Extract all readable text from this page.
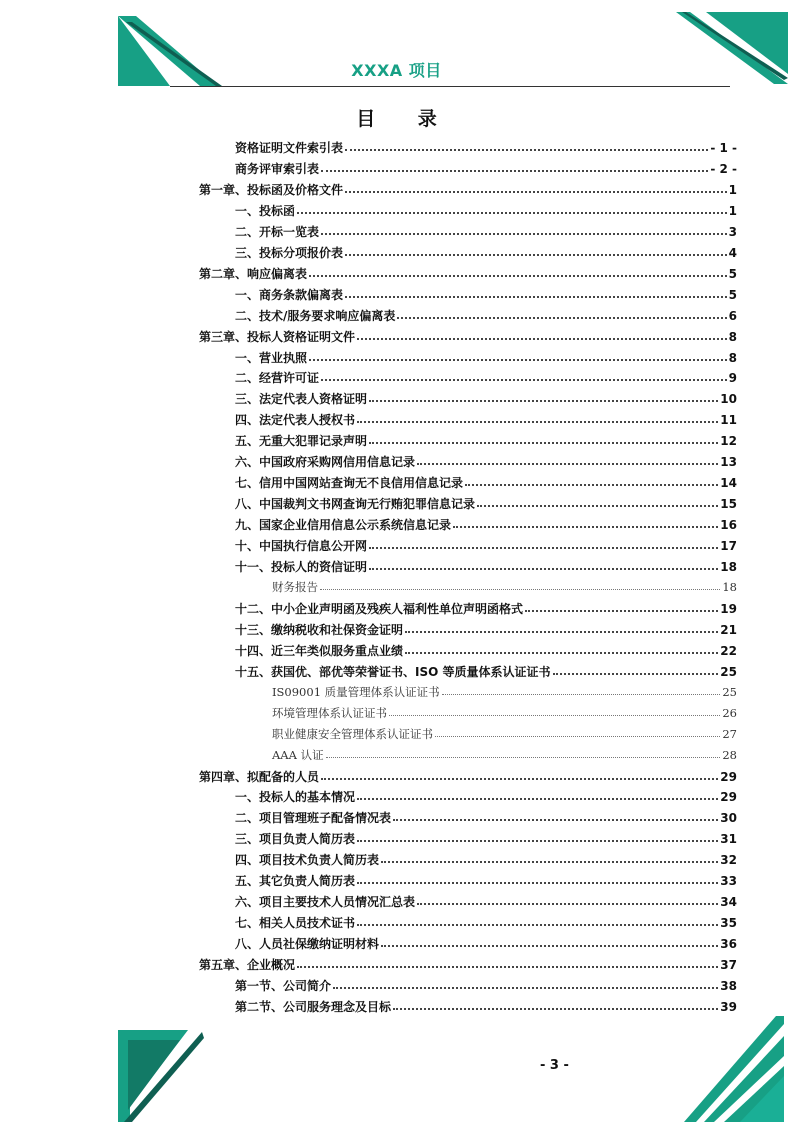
XXXA 项目
目 录
资格证明文件索引表	- 1 -
商务评审索引表	- 2 -
第一章、投标函及价格文件	1
一、投标函	1
二、开标一览表	3
三、投标分项报价表	4
第二章、响应偏离表	5
一、商务条款偏离表	5
二、技术/服务要求响应偏离表	6
第三章、投标人资格证明文件	8
一、营业执照	8
二、经营许可证	9
三、法定代表人资格证明	10
四、法定代表人授权书	11
五、无重大犯罪记录声明	12
六、中国政府采购网信用信息记录	13
七、信用中国网站查询无不良信用信息记录	14
八、中国裁判文书网查询无行贿犯罪信息记录	15
九、国家企业信用信息公示系统信息记录	16
十、中国执行信息公开网	17
十一、投标人的资信证明	18
财务报告	18
十二、中小企业声明函及残疾人福利性单位声明函格式	19
十三、缴纳税收和社保资金证明	21
十四、近三年类似服务重点业绩	22
十五、获国优、部优等荣誉证书、ISO 等质量体系认证证书	25
IS09001 质量管理体系认证证书	25
环境管理体系认证证书	26
职业健康安全管理体系认证证书	27
AAA 认证	28
第四章、拟配备的人员	29
一、投标人的基本情况	29
二、项目管理班子配备情况表	30
三、项目负责人简历表	31
四、项目技术负责人简历表	32
五、其它负责人简历表	33
六、项目主要技术人员情况汇总表	34
七、相关人员技术证书	35
八、人员社保缴纳证明材料	36
第五章、企业概况	37
第一节、公司简介	38
第二节、公司服务理念及目标	39
- 3 -
